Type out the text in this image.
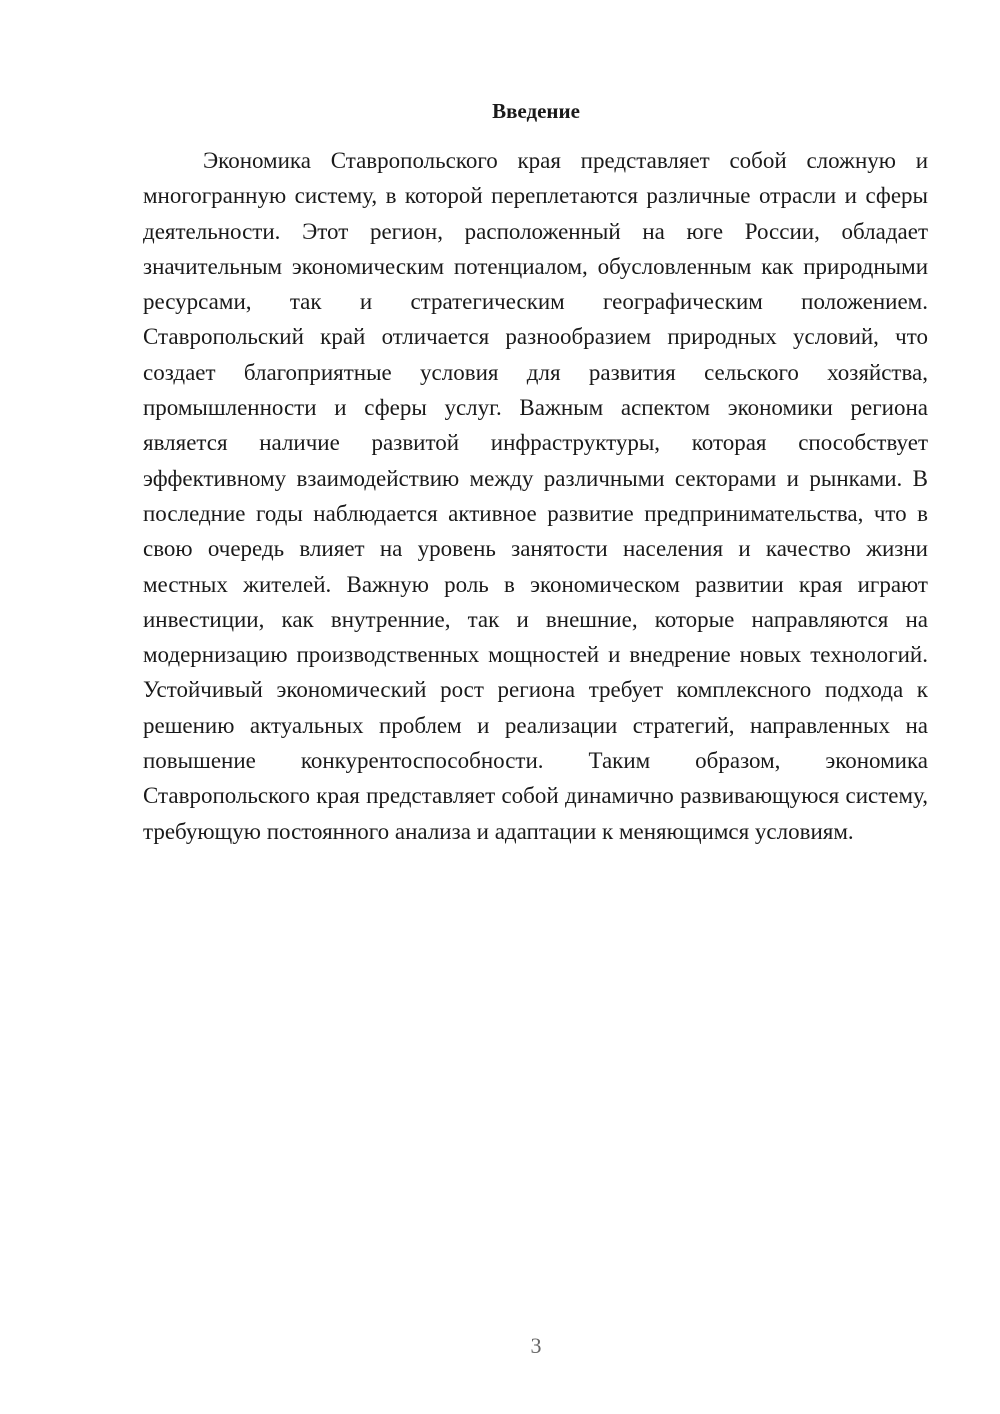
Введение

Экономика Ставропольского края представляет собой сложную и многогранную систему, в которой переплетаются различные отрасли и сферы деятельности. Этот регион, расположенный на юге России, обладает значительным экономическим потенциалом, обусловленным как природными ресурсами, так и стратегическим географическим положением. Ставропольский край отличается разнообразием природных условий, что создает благоприятные условия для развития сельского хозяйства, промышленности и сферы услуг. Важным аспектом экономики региона является наличие развитой инфраструктуры, которая способствует эффективному взаимодействию между различными секторами и рынками. В последние годы наблюдается активное развитие предпринимательства, что в свою очередь влияет на уровень занятости населения и качество жизни местных жителей. Важную роль в экономическом развитии края играют инвестиции, как внутренние, так и внешние, которые направляются на модернизацию производственных мощностей и внедрение новых технологий. Устойчивый экономический рост региона требует комплексного подхода к решению актуальных проблем и реализации стратегий, направленных на повышение конкурентоспособности. Таким образом, экономика Ставропольского края представляет собой динамично развивающуюся систему, требующую постоянного анализа и адаптации к меняющимся условиям.

3
